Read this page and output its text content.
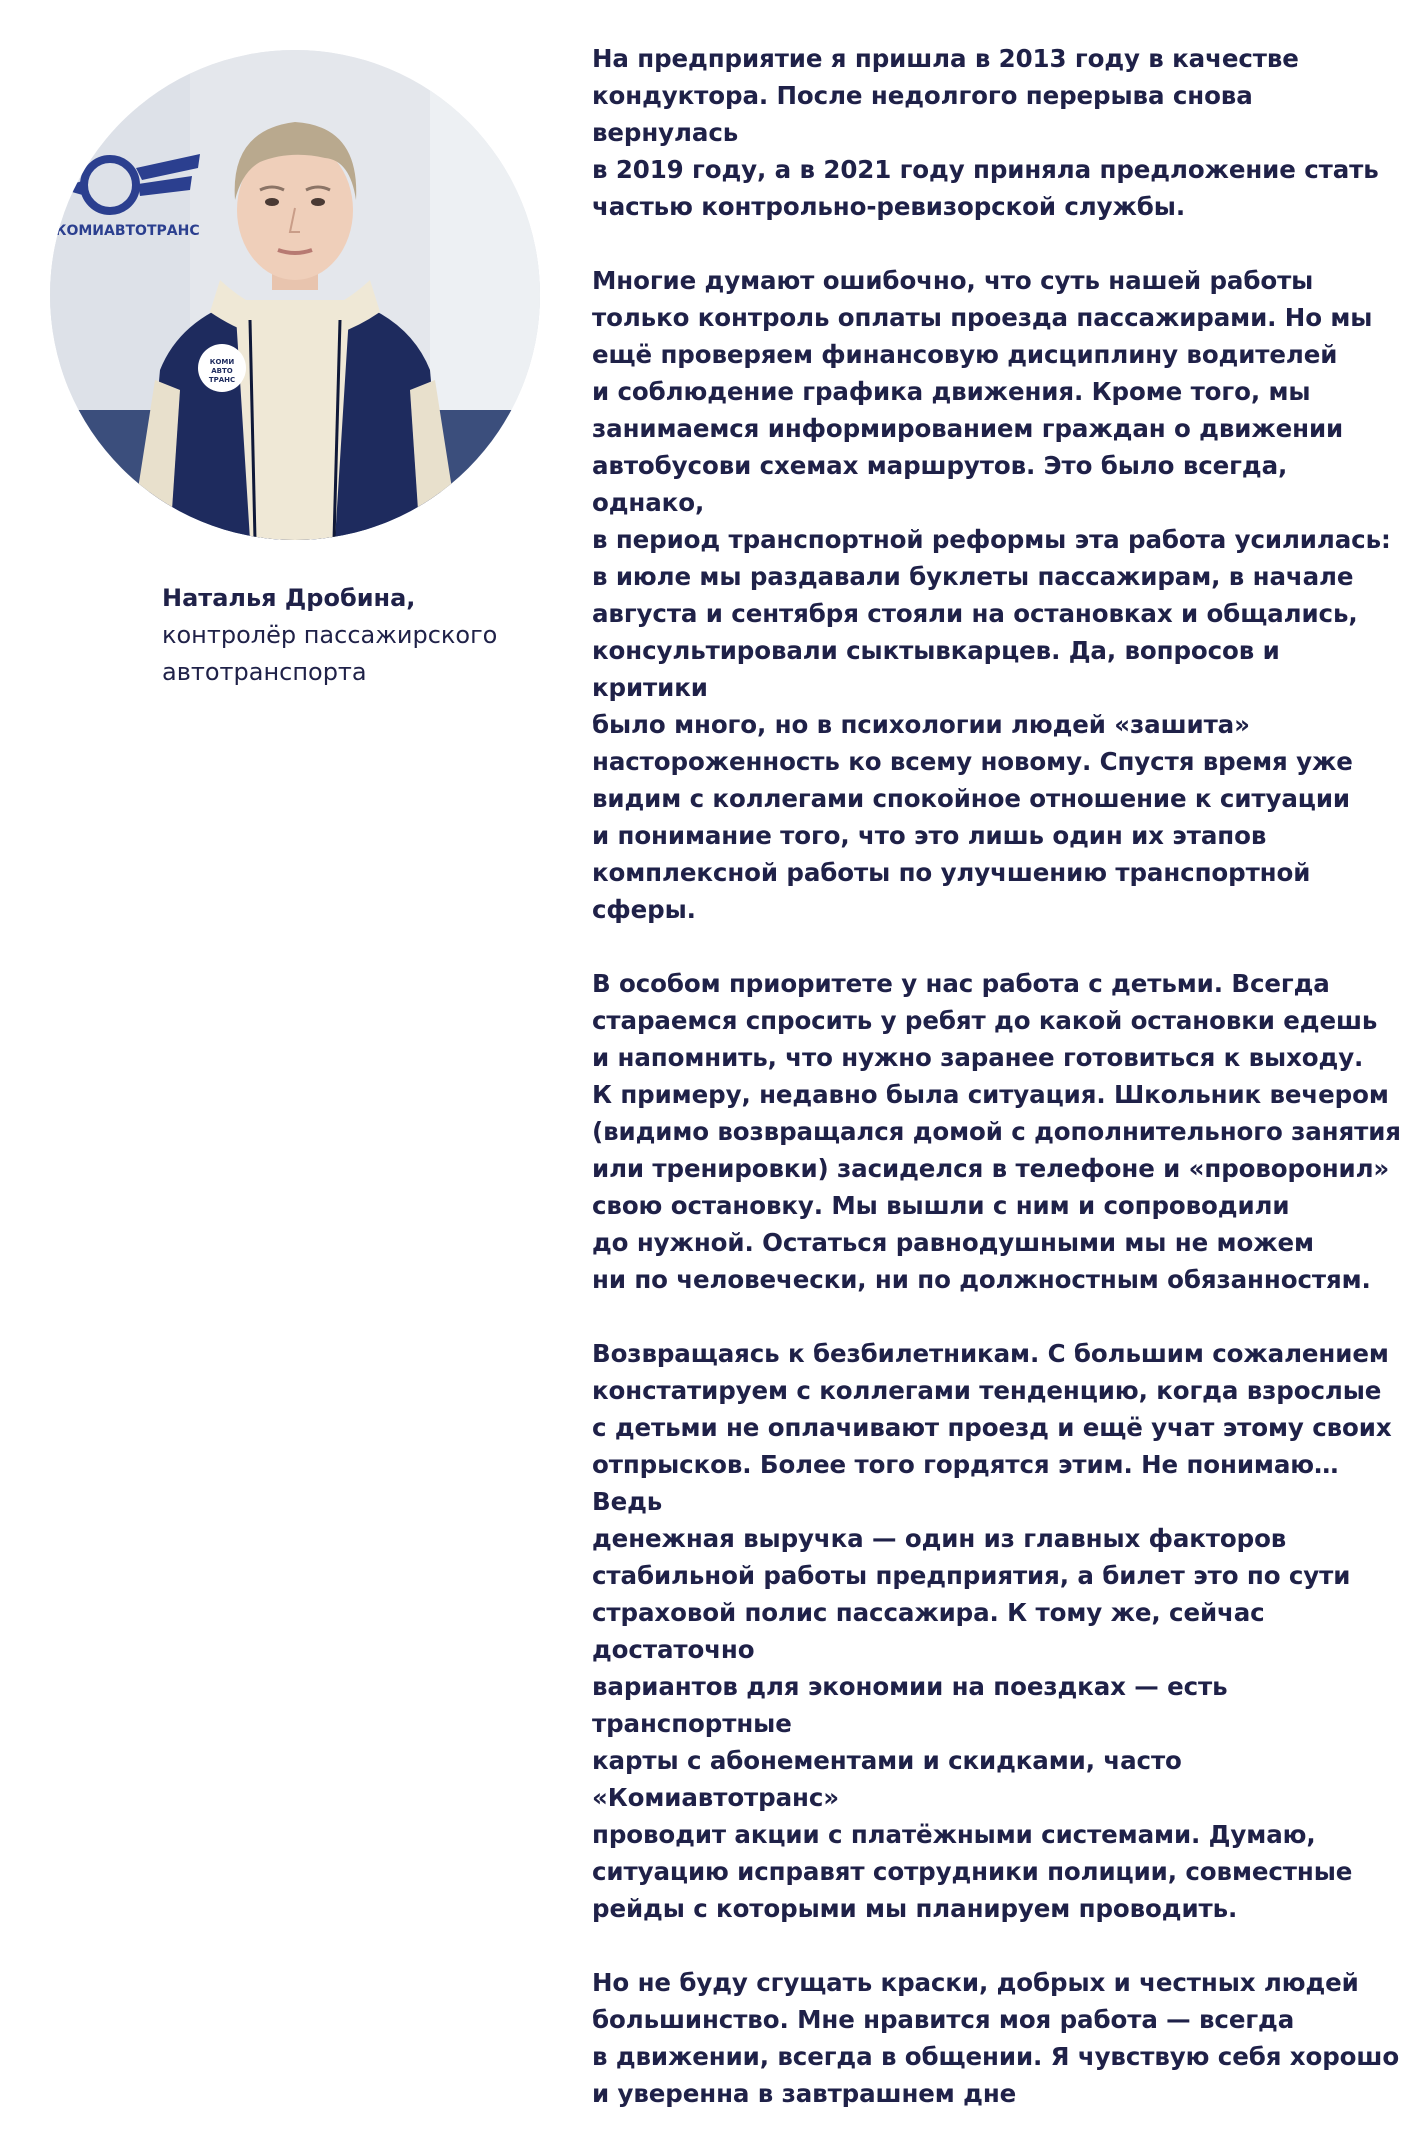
КОМИАВТОТРАНС
КОМИ
АВТО
ТРАНС
Наталья Дробина,
контролёр пассажирского
автотранспорта

На предприятие я пришла в 2013 году в качестве
кондуктора. После недолгого перерыва снова вернулась
в 2019 году, а в 2021 году приняла предложение стать
частью контрольно-ревизорской службы.

Многие думают ошибочно, что суть нашей работы
только контроль оплаты проезда пассажирами. Но мы
ещё проверяем финансовую дисциплину водителей
и соблюдение графика движения. Кроме того, мы
занимаемся информированием граждан о движении
автобусови схемах маршрутов. Это было всегда, однако,
в период транспортной реформы эта работа усилилась:
в июле мы раздавали буклеты пассажирам, в начале
августа и сентября стояли на остановках и общались,
консультировали сыктывкарцев. Да, вопросов и критики
было много, но в психологии людей «зашита»
настороженность ко всему новому. Спустя время уже
видим с коллегами спокойное отношение к ситуации
и понимание того, что это лишь один их этапов
комплексной работы по улучшению транспортной сферы.

В особом приоритете у нас работа с детьми. Всегда
стараемся спросить у ребят до какой остановки едешь
и напомнить, что нужно заранее готовиться к выходу.
К примеру, недавно была ситуация. Школьник вечером
(видимо возвращался домой с дополнительного занятия
или тренировки) засиделся в телефоне и «проворонил»
свою остановку. Мы вышли с ним и сопроводили
до нужной. Остаться равнодушными мы не можем
ни по человечески, ни по должностным обязанностям.

Возвращаясь к безбилетникам. С большим сожалением
констатируем с коллегами тенденцию, когда взрослые
с детьми не оплачивают проезд и ещё учат этому своих
отпрысков. Более того гордятся этим. Не понимаю…Ведь
денежная выручка — один из главных факторов
стабильной работы предприятия, а билет это по сути
страховой полис пассажира. К тому же, сейчас достаточно
вариантов для экономии на поездках — есть транспортные
карты с абонементами и скидками, часто «Комиавтотранс»
проводит акции с платёжными системами. Думаю,
ситуацию исправят сотрудники полиции, совместные
рейды с которыми мы планируем проводить.

Но не буду сгущать краски, добрых и честных людей
большинство. Мне нравится моя работа — всегда
в движении, всегда в общении. Я чувствую себя хорошо
и уверенна в завтрашнем дне
